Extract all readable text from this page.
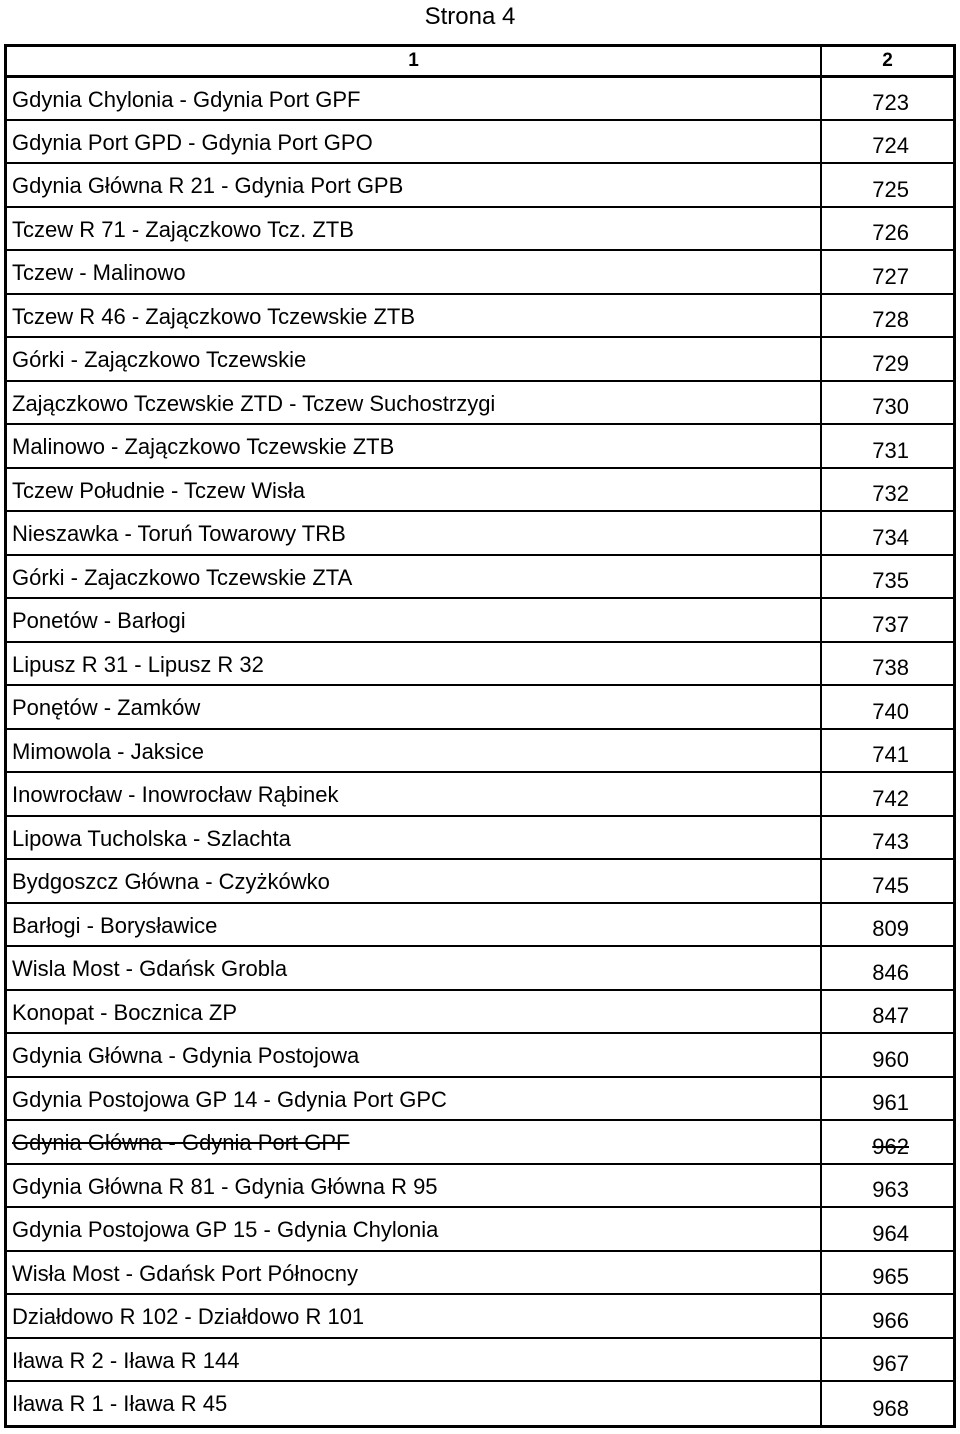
Strona 4
1	2
Gdynia Chylonia - Gdynia Port GPF	723
Gdynia Port GPD - Gdynia Port GPO	724
Gdynia Główna R 21 - Gdynia Port GPB	725
Tczew R 71 - Zajączkowo Tcz. ZTB	726
Tczew - Malinowo	727
Tczew R 46 - Zajączkowo Tczewskie ZTB	728
Górki - Zajączkowo Tczewskie	729
Zajączkowo Tczewskie ZTD - Tczew Suchostrzygi	730
Malinowo - Zajączkowo Tczewskie ZTB	731
Tczew Południe - Tczew Wisła	732
Nieszawka - Toruń Towarowy TRB	734
Górki - Zajaczkowo Tczewskie ZTA	735
Ponetów - Barłogi	737
Lipusz R 31 - Lipusz R 32	738
Ponętów - Zamków	740
Mimowola - Jaksice	741
Inowrocław - Inowrocław Rąbinek	742
Lipowa Tucholska - Szlachta	743
Bydgoszcz Główna - Czyżkówko	745
Barłogi - Borysławice	809
Wisla Most - Gdańsk Grobla	846
Konopat - Bocznica ZP	847
Gdynia Główna - Gdynia Postojowa	960
Gdynia Postojowa GP 14 - Gdynia Port GPC	961
Gdynia Główna - Gdynia Port GPF	962
Gdynia Główna R 81 - Gdynia Główna R 95	963
Gdynia Postojowa GP 15 - Gdynia Chylonia	964
Wisła Most - Gdańsk Port Północny	965
Działdowo R 102 - Działdowo R 101	966
Iława R 2 - Iława R 144	967
Iława R 1 - Iława R 45	968
